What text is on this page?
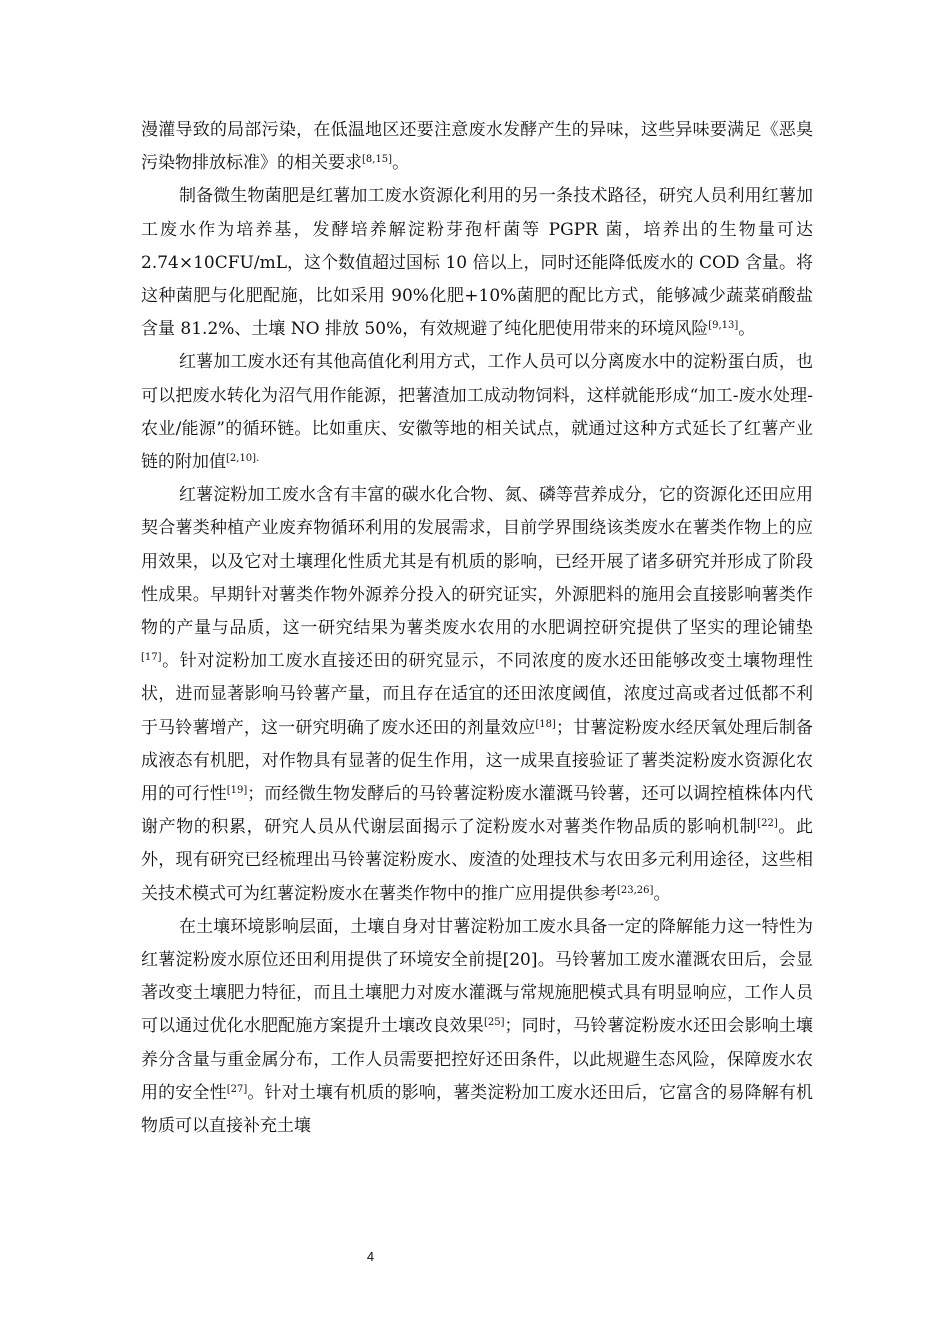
漫灌导致的局部污染，在低温地区还要注意废水发酵产生的异味，这些异味要满足《恶臭污染物排放标准》的相关要求[8,15]。

制备微生物菌肥是红薯加工废水资源化利用的另一条技术路径，研究人员利用红薯加工废水作为培养基，发酵培养解淀粉芽孢杆菌等 PGPR 菌，培养出的生物量可达 2.74×10CFU/mL，这个数值超过国标 10 倍以上，同时还能降低废水的 COD 含量。将这种菌肥与化肥配施，比如采用 90%化肥+10%菌肥的配比方式，能够减少蔬菜硝酸盐含量 81.2%、土壤 NO 排放 50%，有效规避了纯化肥使用带来的环境风险[9,13]。

红薯加工废水还有其他高值化利用方式，工作人员可以分离废水中的淀粉蛋白质，也可以把废水转化为沼气用作能源，把薯渣加工成动物饲料，这样就能形成“加工-废水处理-农业/能源”的循环链。比如重庆、安徽等地的相关试点，就通过这种方式延长了红薯产业链的附加值$^{[2,10].}$

红薯淀粉加工废水含有丰富的碳水化合物、氮、磷等营养成分，它的资源化还田应用契合薯类种植产业废弃物循环利用的发展需求，目前学界围绕该类废水在薯类作物上的应用效果，以及它对土壤理化性质尤其是有机质的影响，已经开展了诸多研究并形成了阶段性成果。早期针对薯类作物外源养分投入的研究证实，外源肥料的施用会直接影响薯类作物的产量与品质，这一研究结果为薯类废水农用的水肥调控研究提供了坚实的理论铺垫[17]。针对淀粉加工废水直接还田的研究显示，不同浓度的废水还田能够改变土壤物理性状，进而显著影响马铃薯产量，而且存在适宜的还田浓度阈值，浓度过高或者过低都不利于马铃薯增产，这一研究明确了废水还田的剂量效应[18]；甘薯淀粉废水经厌氧处理后制备成液态有机肥，对作物具有显著的促生作用，这一成果直接验证了薯类淀粉废水资源化农用的可行性[19]；而经微生物发酵后的马铃薯淀粉废水灌溉马铃薯，还可以调控植株体内代谢产物的积累，研究人员从代谢层面揭示了淀粉废水对薯类作物品质的影响机制[22]。此外，现有研究已经梳理出马铃薯淀粉废水、废渣的处理技术与农田多元利用途径，这些相关技术模式可为红薯淀粉废水在薯类作物中的推广应用提供参考[23,26]。

在土壤环境影响层面，土壤自身对甘薯淀粉加工废水具备一定的降解能力这一特性为红薯淀粉废水原位还田利用提供了环境安全前提[20]。马铃薯加工废水灌溉农田后，会显著改变土壤肥力特征，而且土壤肥力对废水灌溉与常规施肥模式具有明显响应，工作人员可以通过优化水肥配施方案提升土壤改良效果[25]；同时，马铃薯淀粉废水还田会影响土壤养分含量与重金属分布，工作人员需要把控好还田条件，以此规避生态风险，保障废水农用的安全性[27]。针对土壤有机质的影响，薯类淀粉加工废水还田后，它富含的易降解有机物质可以直接补充土壤

4
